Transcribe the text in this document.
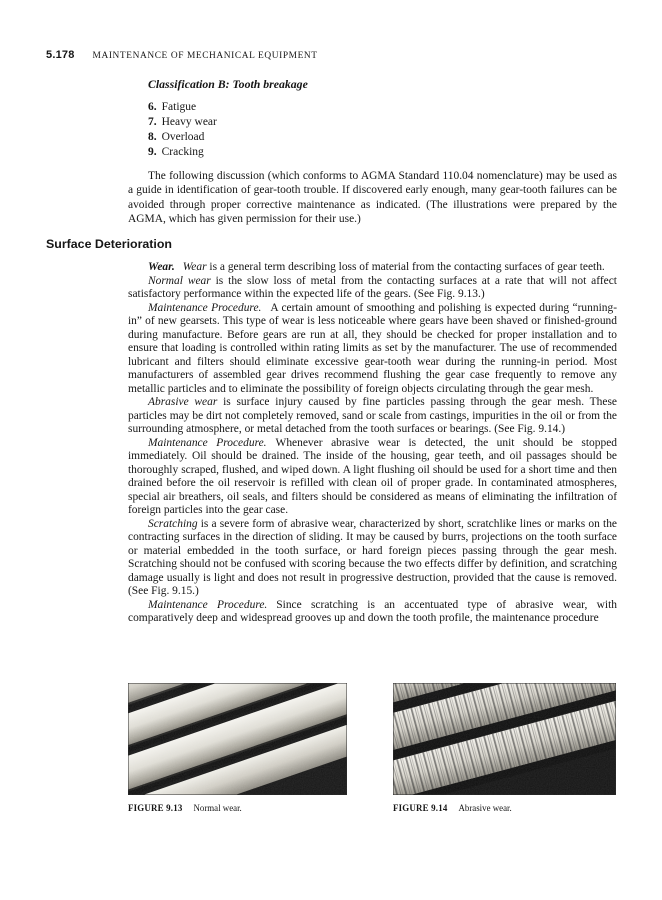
5.178 MAINTENANCE OF MECHANICAL EQUIPMENT
Classification B: Tooth breakage
6. Fatigue
7. Heavy wear
8. Overload
9. Cracking

The following discussion (which conforms to AGMA Standard 110.04 nomenclature) may be used as a guide in identification of gear-tooth trouble. If discovered early enough, many gear-tooth failures can be avoided through proper corrective maintenance as indicated. (The illustrations were prepared by the AGMA, which has given permission for their use.)

Surface Deterioration

Wear. Wear is a general term describing loss of material from the contacting surfaces of gear teeth.

Normal wear is the slow loss of metal from the contacting surfaces at a rate that will not affect satisfactory performance within the expected life of the gears. (See Fig. 9.13.)

Maintenance Procedure. A certain amount of smoothing and polishing is expected during “running-in” of new gearsets. This type of wear is less noticeable where gears have been shaved or finished-ground during manufacture. Before gears are run at all, they should be checked for proper installation and to ensure that loading is controlled within rating limits as set by the manufacturer. The use of recommended lubricant and filters should eliminate excessive gear-tooth wear during the running-in period. Most manufacturers of assembled gear drives recommend flushing the gear case frequently to remove any metallic particles and to eliminate the possibility of foreign objects circulating through the gear mesh.

Abrasive wear is surface injury caused by fine particles passing through the gear mesh. These particles may be dirt not completely removed, sand or scale from castings, impurities in the oil or from the surrounding atmosphere, or metal detached from the tooth surfaces or bearings. (See Fig. 9.14.)

Maintenance Procedure. Whenever abrasive wear is detected, the unit should be stopped immediately. Oil should be drained. The inside of the housing, gear teeth, and oil passages should be thoroughly scraped, flushed, and wiped down. A light flushing oil should be used for a short time and then drained before the oil reservoir is refilled with clean oil of proper grade. In contaminated atmospheres, special air breathers, oil seals, and filters should be considered as means of eliminating the infiltration of foreign particles into the gear case.

Scratching is a severe form of abrasive wear, characterized by short, scratchlike lines or marks on the contracting surfaces in the direction of sliding. It may be caused by burrs, projections on the tooth surface or material embedded in the tooth surface, or hard foreign pieces passing through the gear mesh. Scratching should not be confused with scoring because the two effects differ by definition, and scratching damage usually is light and does not result in progressive destruction, provided that the cause is removed. (See Fig. 9.15.)

Maintenance Procedure. Since scratching is an accentuated type of abrasive wear, with comparatively deep and widespread grooves up and down the tooth profile, the maintenance procedure

FIGURE 9.13 Normal wear.	FIGURE 9.14 Abrasive wear.
